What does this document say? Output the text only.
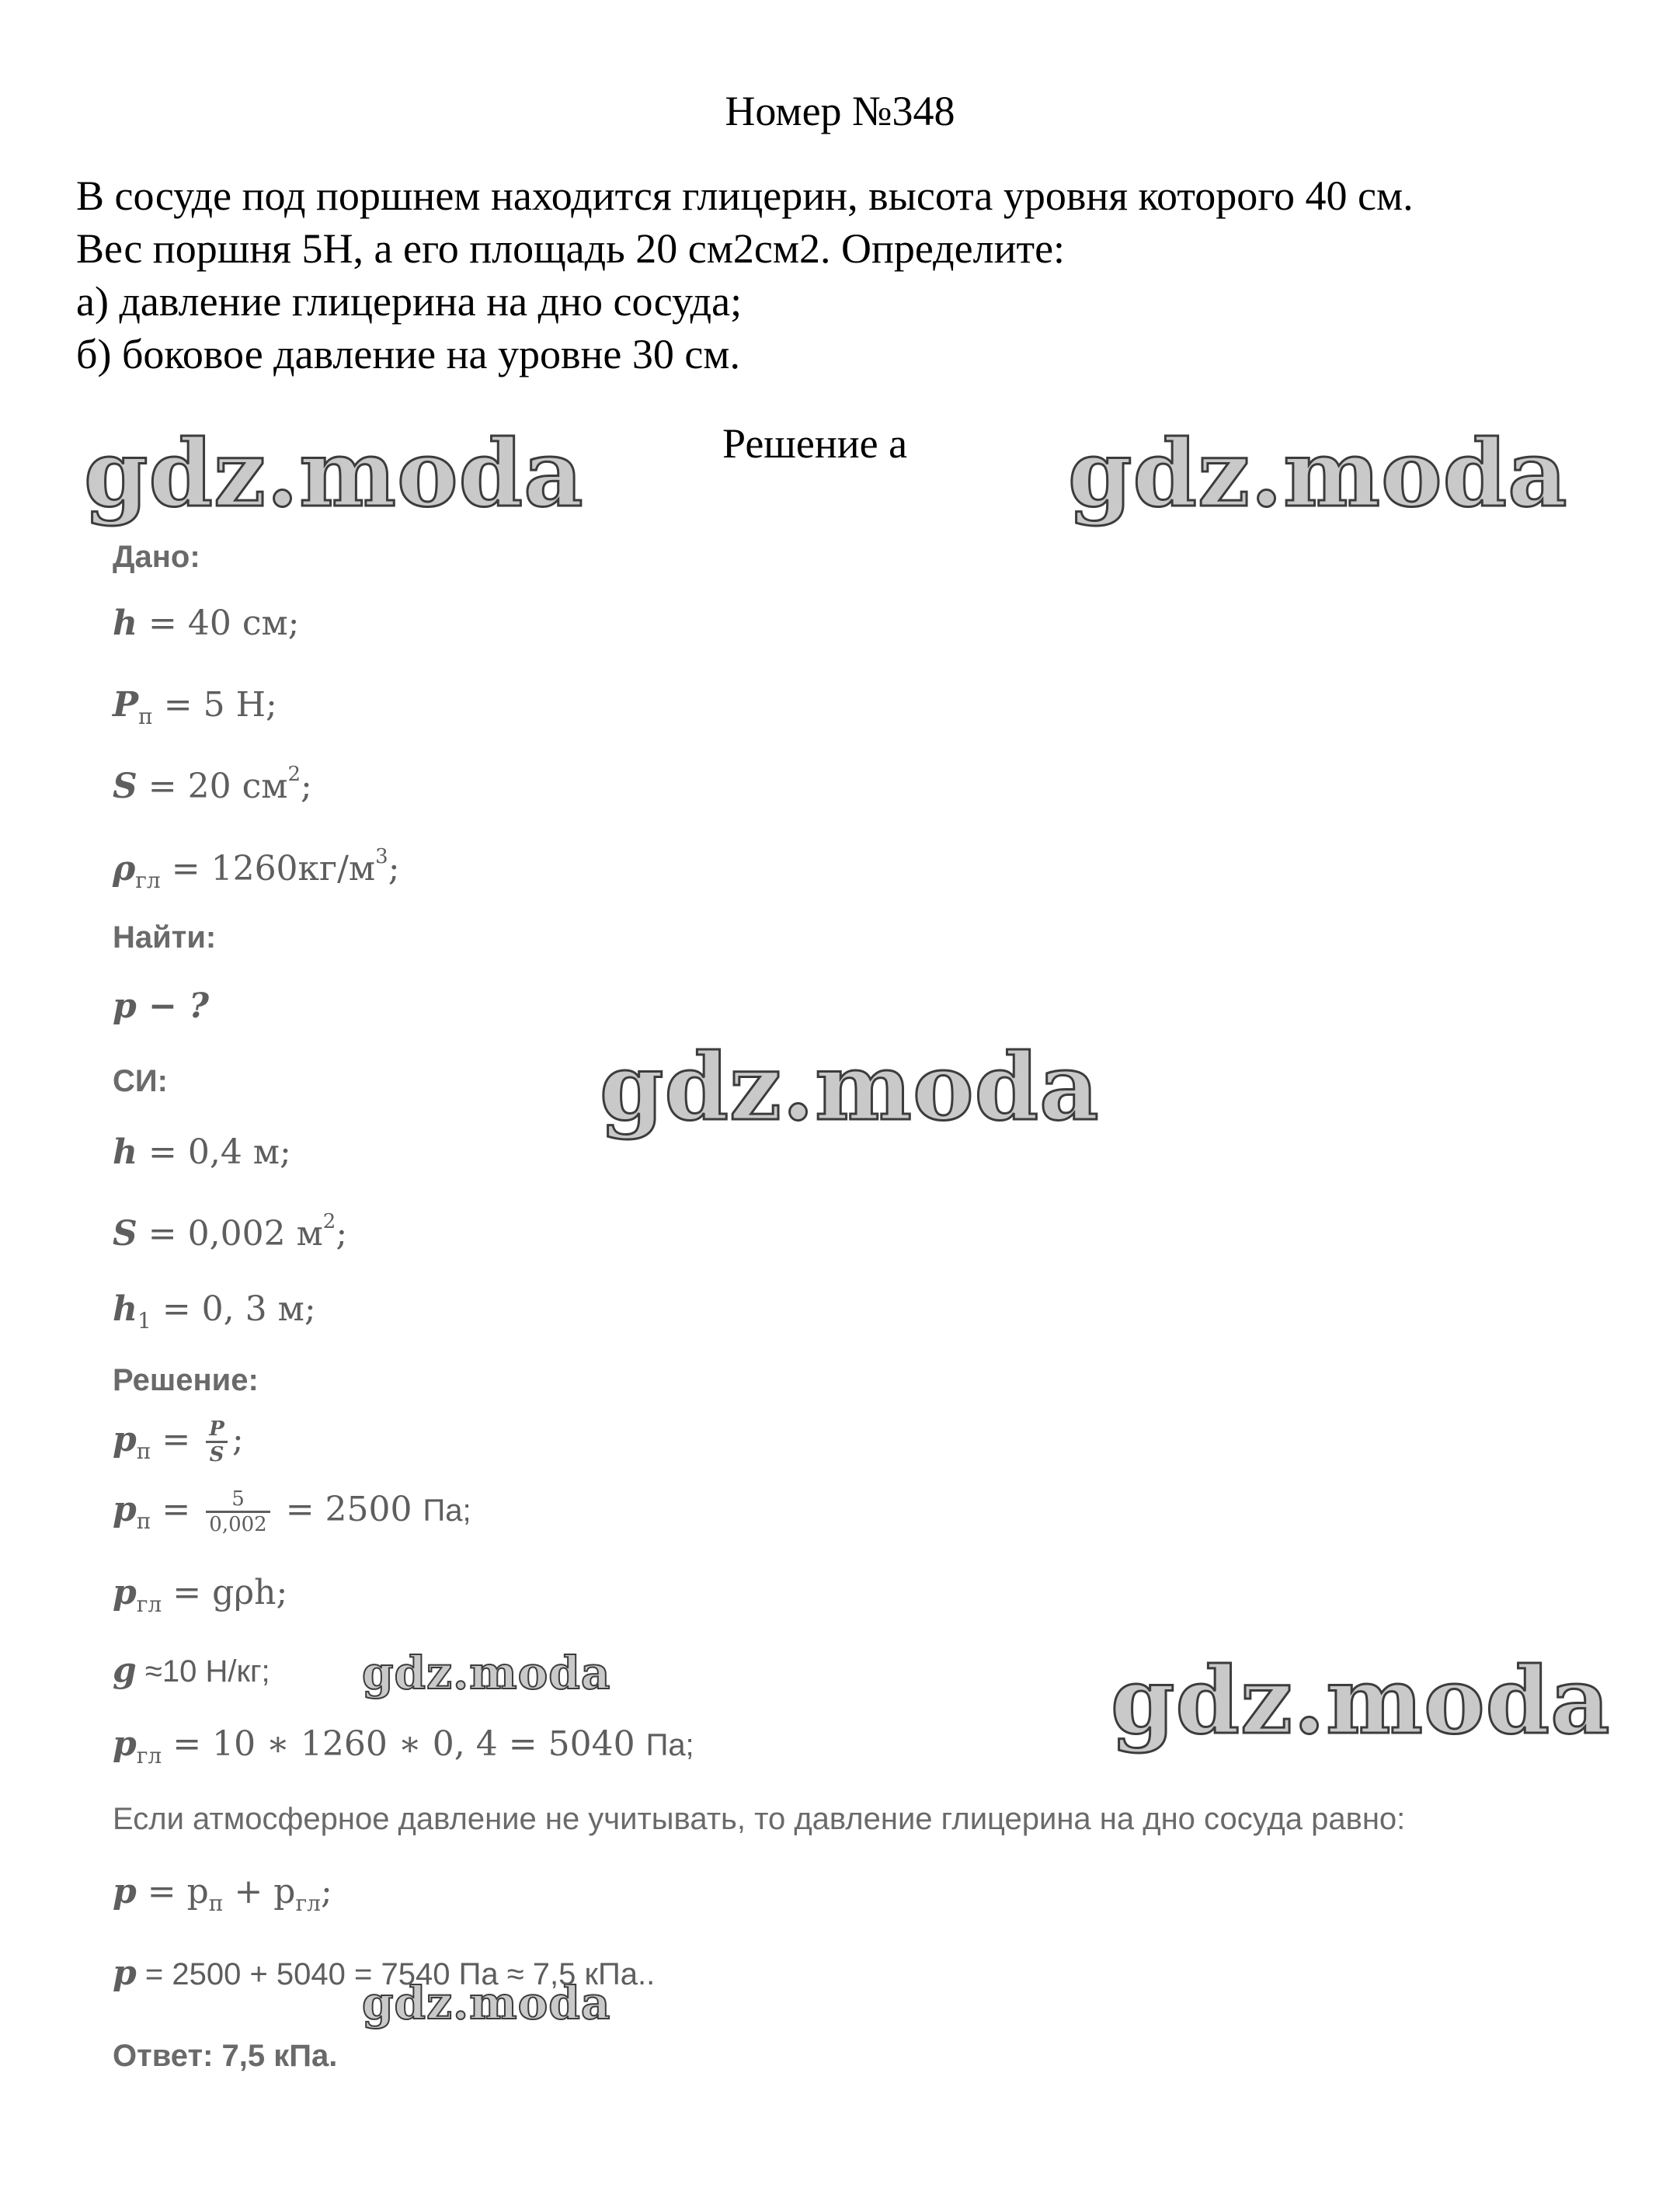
Номер №348
В сосуде под поршнем находится глицерин, высота уровня которого 40 см.
Вес поршня 5Н, а его площадь 20 см2см2. Определите:
а) давление глицерина на дно сосуда;
б) боковое давление на уровне 30 см.
Решение а
gdz.moda	gdz.moda
gdz.moda
gdz.moda	gdz.moda
gdz.moda
Дано:
h = 40 см;
$P_п = 5$ Н;
S = 20 $см^2$;
$\rho_{гл} = 1260кг/м^3$;
Найти:
p − ?
СИ:
h = 0,4 м;
S = 0,002 $м^2$;
$h_1 = 0$, 3 м;
Решение:
$p_п = \frac{P}{S}$ ;
$p_п = \frac{5}{0,002} = 2500$ Па;
$p_{гл} = g\rho h$;
g ≈10 Н/кг;
$p_{гл} = 10$ ∗ 1260 ∗ 0, 4 = 5040 Па;
Если атмосферное давление не учитывать, то давление глицерина на дно сосуда равно:
$p = p_п + p_{гл}$;
p = 2500 + 5040 = 7540 Па ≈ 7,5 кПа..
Ответ: 7,5 кПа.
